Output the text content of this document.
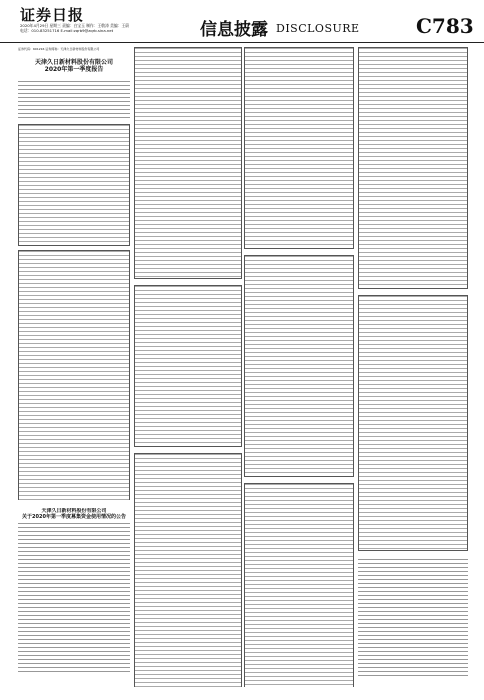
证券日报
2020年4月29日 星期三 责编：白宝玉 制作：王敬涛 美编：王蔚
电话：010-83251716 E-mail:zqrb9@zqrb.sina.net	信息披露 DISCLOSURE	C783
证券代码：601216 证券简称：天津久日新材料股份有限公司
天津久日新材料股份有限公司
2020年第一季度报告
天津久日新材料股份有限公司
关于2020年第一季度募集资金使用情况的公告
